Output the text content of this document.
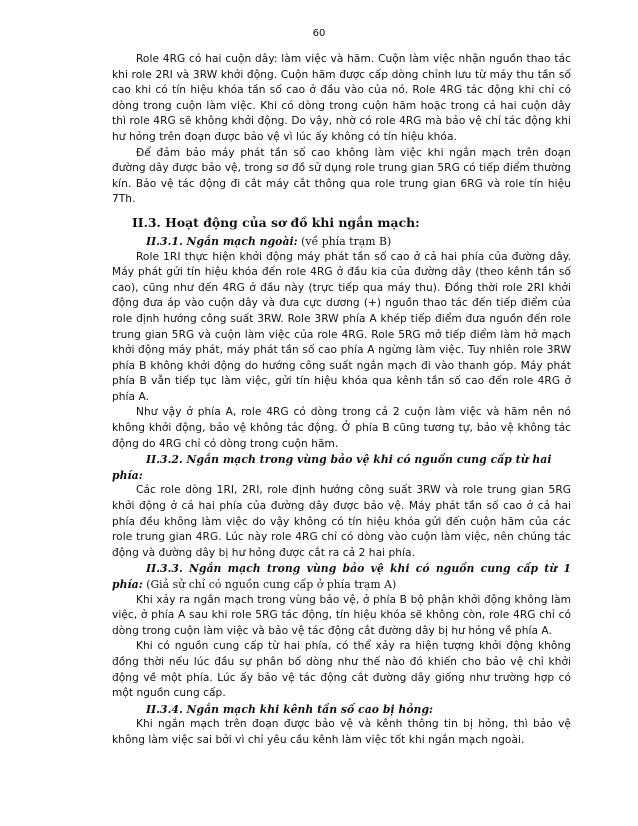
60

Role 4RG có hai cuộn dây: làm việc và hãm. Cuộn làm việc nhận nguồn thao tác khi role 2RI và 3RW khởi động. Cuộn hãm được cấp dòng chỉnh lưu từ máy thu tần số cao khi có tín hiệu khóa tần số cao ở đầu vào của nó. Role 4RG tác động khi chỉ có dòng trong cuộn làm việc. Khi có dòng trong cuộn hãm hoặc trong cả hai cuộn dây thì role 4RG sẽ không khởi động. Do vậy, nhờ có role 4RG mà bảo vệ chỉ tác động khi hư hỏng trên đoạn được bảo vệ vì lúc ấy không có tín hiệu khóa.

Để đảm bảo máy phát tần số cao không làm việc khi ngắn mạch trên đoạn đường dây được bảo vệ, trong sơ đồ sử dụng role trung gian 5RG có tiếp điểm thường kín. Bảo vệ tác động đi cắt máy cắt thông qua role trung gian 6RG và role tín hiệu 7Th.

II.3. Hoạt động của sơ đồ khi ngắn mạch:

II.3.1. Ngắn mạch ngoài: (về phía trạm B)

Role 1RI thực hiện khởi động máy phát tần số cao ở cả hai phía của đường dây. Máy phát gửi tín hiệu khóa đến role 4RG ở đầu kia của đường dây (theo kênh tần số cao), cũng như đến 4RG ở đầu này (trực tiếp qua máy thu). Đồng thời role 2RI khởi động đưa áp vào cuộn dây và đưa cực dương (+) nguồn thao tác đến tiếp điểm của role định hướng công suất 3RW. Role 3RW phía A khép tiếp điểm đưa nguồn đến role trung gian 5RG và cuộn làm việc của role 4RG. Role 5RG mở tiếp điểm làm hở mạch khởi động máy phát, máy phát tần số cao phía A ngừng làm việc. Tuy nhiên role 3RW phía B không khởi động do hướng công suất ngắn mạch đi vào thanh góp. Máy phát phía B vẫn tiếp tục làm việc, gửi tín hiệu khóa qua kênh tần số cao đến role 4RG ở phía A.

Như vậy ở phía A, role 4RG có dòng trong cả 2 cuộn làm việc và hãm nên nó không khởi động, bảo vệ không tác động. Ở phía B cũng tương tự, bảo vệ không tác động do 4RG chỉ có dòng trong cuộn hãm.

II.3.2. Ngắn mạch trong vùng bảo vệ khi có nguồn cung cấp từ hai phía:

Các role dòng 1RI, 2RI, role định hướng công suất 3RW và role trung gian 5RG khởi động ở cả hai phía của đường dây được bảo vệ. Máy phát tần số cao ở cả hai phía đều không làm việc do vậy không có tín hiệu khóa gửi đến cuộn hãm của các role trung gian 4RG. Lúc này role 4RG chỉ có dòng vào cuộn làm việc, nên chúng tác động và đường dây bị hư hỏng được cắt ra cả 2 hai phía.

II.3.3. Ngắn mạch trong vùng bảo vệ khi có nguồn cung cấp từ 1 phía: (Giả sử chỉ có nguồn cung cấp ở phía trạm A)

Khi xảy ra ngắn mạch trong vùng bảo vệ, ở phía B bộ phận khởi động không làm việc, ở phía A sau khi role 5RG tác động, tín hiệu khóa sẽ không còn, role 4RG chỉ có dòng trong cuộn làm việc và bảo vệ tác động cắt đường dây bị hư hỏng về phía A.

Khi có nguồn cung cấp từ hai phía, có thể xảy ra hiện tượng khởi động không đồng thời nếu lúc đầu sự phân bố dòng như thế nào đó khiến cho bảo vệ chỉ khởi động về một phía. Lúc ấy bảo vệ tác động cắt đường dây giống như trường hợp có một nguồn cung cấp.

II.3.4. Ngắn mạch khi kênh tần số cao bị hỏng:

Khi ngắn mạch trên đoạn được bảo vệ và kênh thông tin bị hỏng, thì bảo vệ không làm việc sai bởi vì chỉ yêu cầu kênh làm việc tốt khi ngắn mạch ngoài.
